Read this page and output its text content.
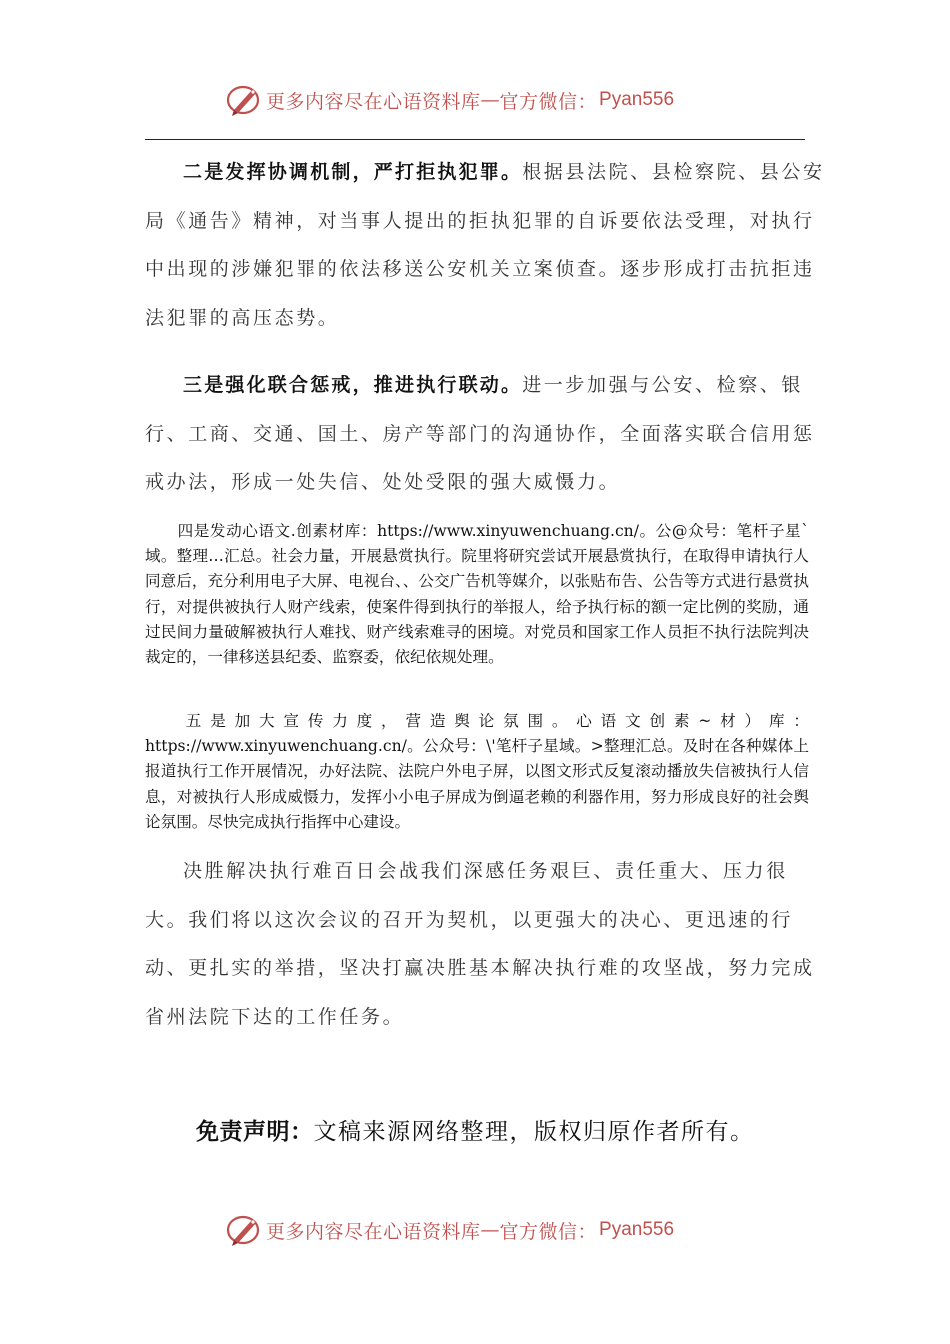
更多内容尽在心语资料库 — 官方微信： Pyan556

二是发挥协调机制，严打拒执犯罪。根据县法院、县检察院、县公安局《通告》精神，对当事人提出的拒执犯罪的自诉要依法受理，对执行中出现的涉嫌犯罪的依法移送公安机关立案侦查。逐步形成打击抗拒违法犯罪的高压态势。

三是强化联合惩戒，推进执行联动。进一步加强与公安、检察、银行、工商、交通、国土、房产等部门的沟通协作，全面落实联合信用惩戒办法，形成一处失信、处处受限的强大威慑力。

四是发动心语文.创素材库：https://www.xinyuwenchuang.cn/。公@众号：笔杆子星`域。整理…汇总。社会力量，开展悬赏执行。院里将研究尝试开展悬赏执行，在取得申请执行人同意后，充分利用电子大屏、电视台、、公交广告机等媒介，以张贴布告、公告等方式进行悬赏执行，对提供被执行人财产线索，使案件得到执行的举报人，给予执行标的额一定比例的奖励，通过民间力量破解被执行人难找、财产线索难寻的困境。对党员和国家工作人员拒不执行法院判决裁定的，一律移送县纪委、监察委，依纪依规处理。

五是加大宣传力度，营造舆论氛围。心语文创素~材）库：https://www.xinyuwenchuang.cn/。公众号：\'笔杆子星域。>整理汇总。及时在各种媒体上报道执行工作开展情况，办好法院、法院户外电子屏，以图文形式反复滚动播放失信被执行人信息，对被执行人形成威慑力，发挥小小电子屏成为倒逼老赖的利器作用，努力形成良好的社会舆论氛围。尽快完成执行指挥中心建设。

决胜解决执行难百日会战我们深感任务艰巨、责任重大、压力很大。我们将以这次会议的召开为契机，以更强大的决心、更迅速的行动、更扎实的举措，坚决打赢决胜基本解决执行难的攻坚战，努力完成省州法院下达的工作任务。

免责声明：文稿来源网络整理，版权归原作者所有。

更多内容尽在心语资料库 — 官方微信： Pyan556
